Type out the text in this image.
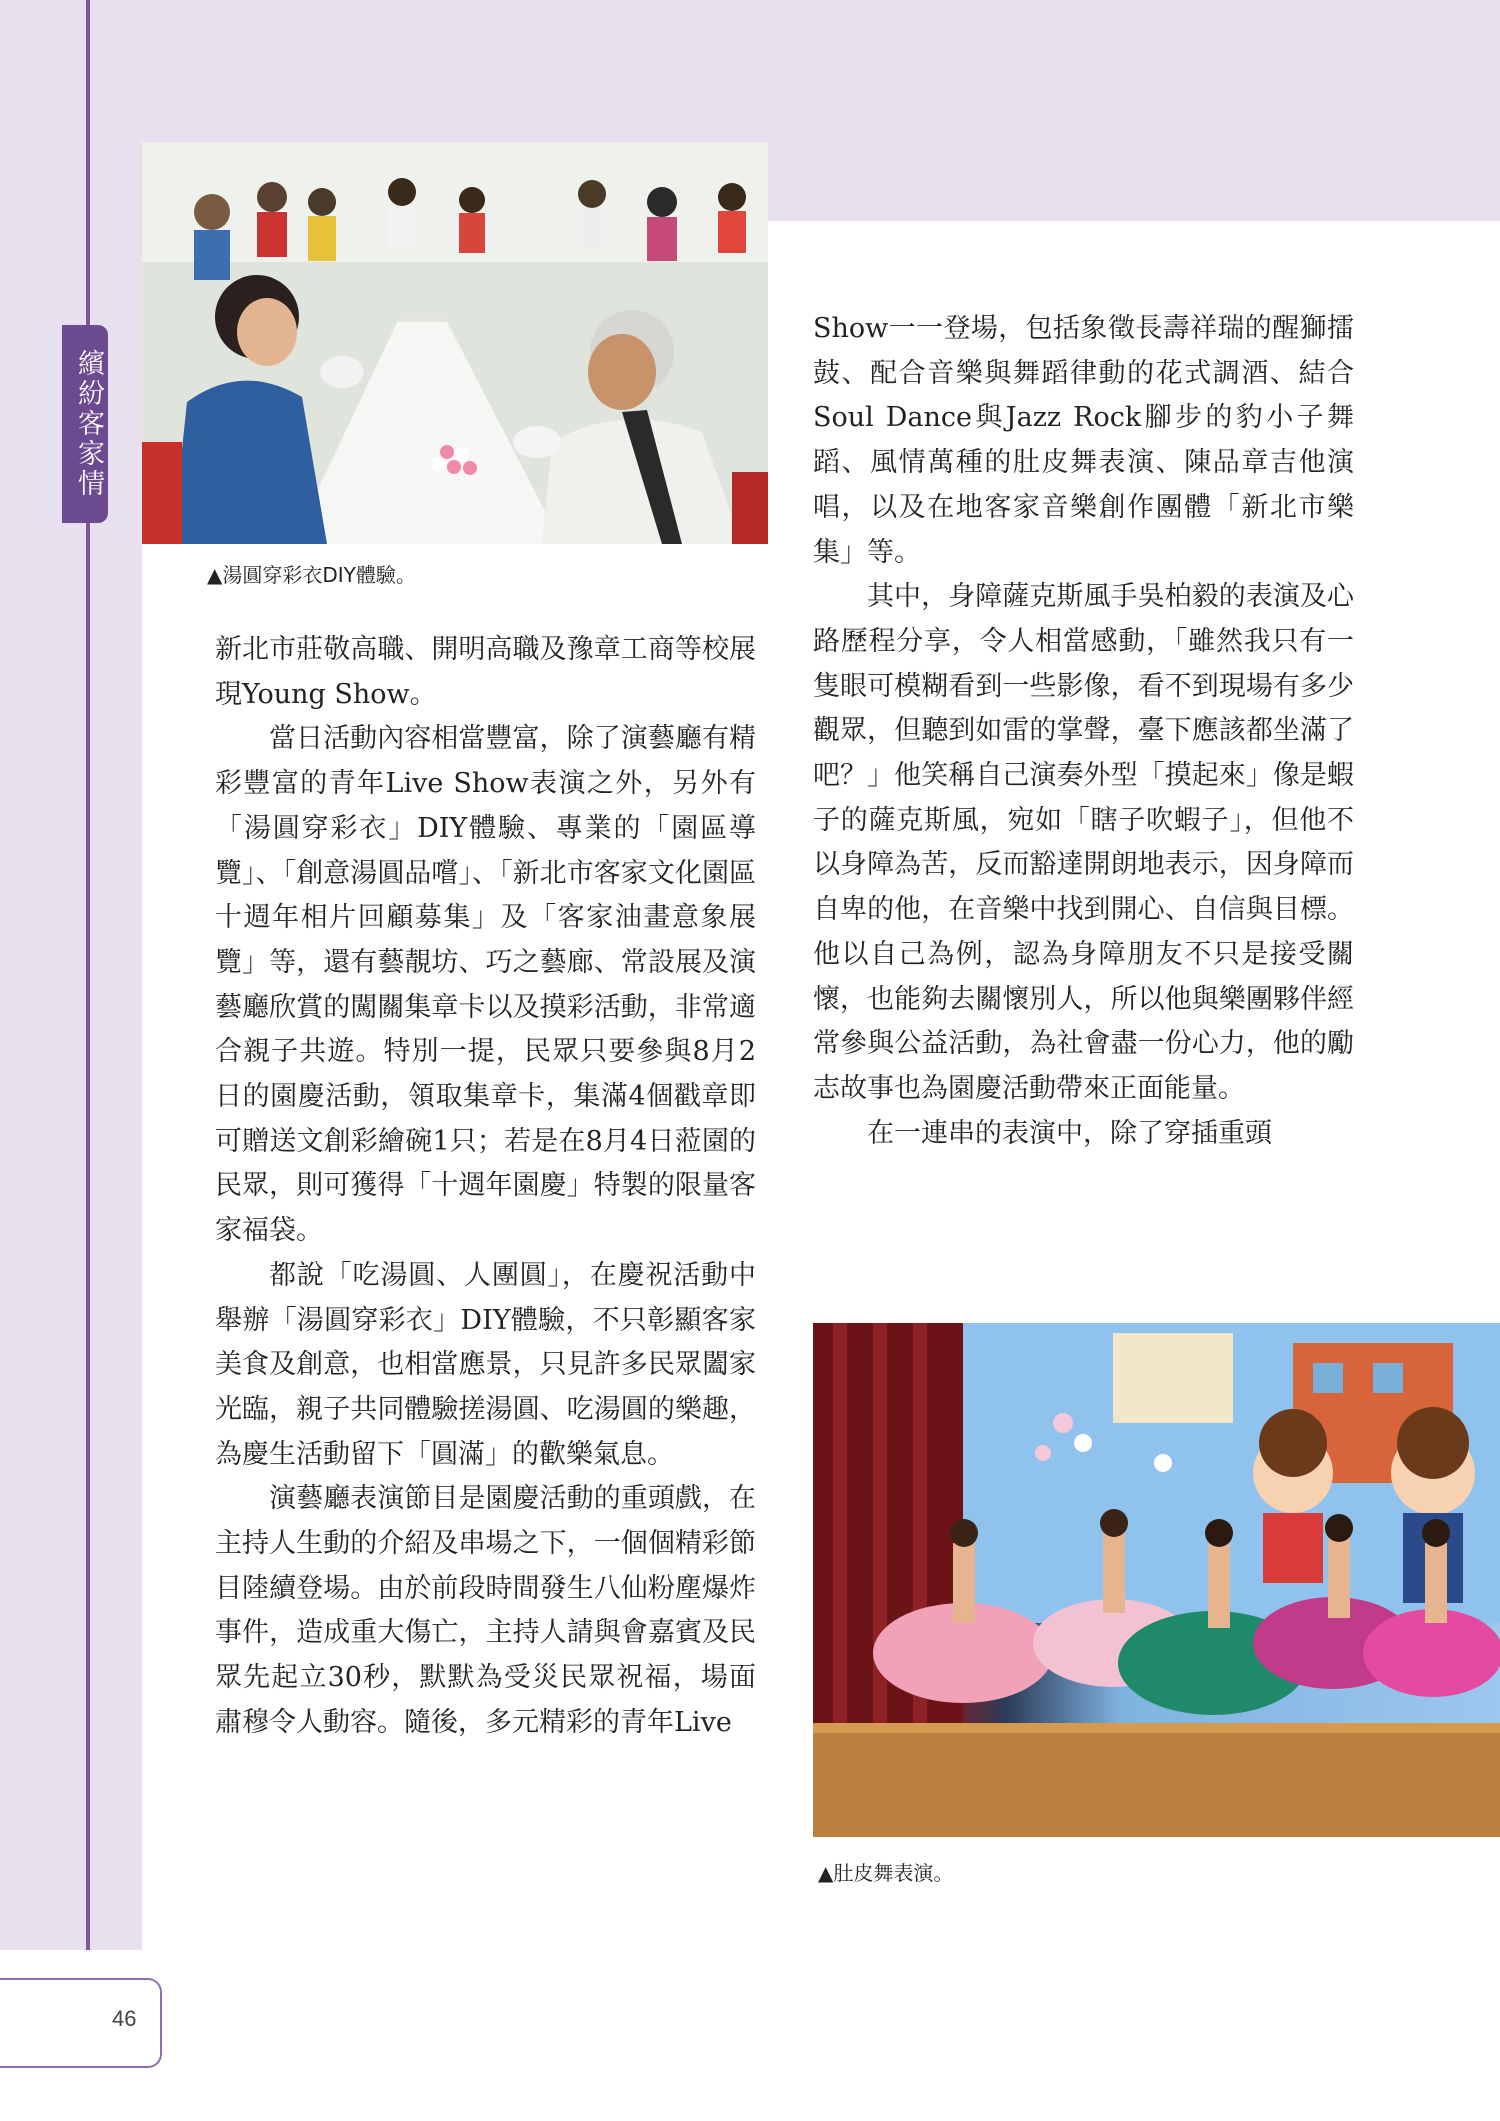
繽紛客家情
▲湯圓穿彩衣DIY體驗。

新北市莊敬高職、開明高職及豫章工商等校展現Young Show。

當日活動內容相當豐富，除了演藝廳有精彩豐富的青年Live Show表演之外，另外有「湯圓穿彩衣」DIY體驗、專業的「園區導覽」、「創意湯圓品嚐」、「新北市客家文化園區十週年相片回顧募集」及「客家油畫意象展覽」等，還有藝靚坊、巧之藝廊、常設展及演藝廳欣賞的闖關集章卡以及摸彩活動，非常適合親子共遊。特別一提，民眾只要參與8月2日的園慶活動，領取集章卡，集滿4個戳章即可贈送文創彩繪碗1只；若是在8月4日蒞園的民眾，則可獲得「十週年園慶」特製的限量客家福袋。

都說「吃湯圓、人團圓」，在慶祝活動中舉辦「湯圓穿彩衣」DIY體驗，不只彰顯客家美食及創意，也相當應景，只見許多民眾闔家光臨，親子共同體驗搓湯圓、吃湯圓的樂趣，為慶生活動留下「圓滿」的歡樂氣息。

演藝廳表演節目是園慶活動的重頭戲，在主持人生動的介紹及串場之下，一個個精彩節目陸續登場。由於前段時間發生八仙粉塵爆炸事件，造成重大傷亡，主持人請與會嘉賓及民眾先起立30秒，默默為受災民眾祝福，場面肅穆令人動容。隨後，多元精彩的青年Live

Show一一登場，包括象徵長壽祥瑞的醒獅擂鼓、配合音樂與舞蹈律動的花式調酒、結合Soul Dance與Jazz Rock腳步的豹小子舞蹈、風情萬種的肚皮舞表演、陳品章吉他演唱，以及在地客家音樂創作團體「新北市樂集」等。

其中，身障薩克斯風手吳柏毅的表演及心路歷程分享，令人相當感動，「雖然我只有一隻眼可模糊看到一些影像，看不到現場有多少觀眾，但聽到如雷的掌聲，臺下應該都坐滿了吧？」他笑稱自己演奏外型「摸起來」像是蝦子的薩克斯風，宛如「瞎子吹蝦子」，但他不以身障為苦，反而豁達開朗地表示，因身障而自卑的他，在音樂中找到開心、自信與目標。他以自己為例，認為身障朋友不只是接受關懷，也能夠去關懷別人，所以他與樂團夥伴經常參與公益活動，為社會盡一份心力，他的勵志故事也為園慶活動帶來正面能量。

在一連串的表演中，除了穿插重頭

▲肚皮舞表演。
46
